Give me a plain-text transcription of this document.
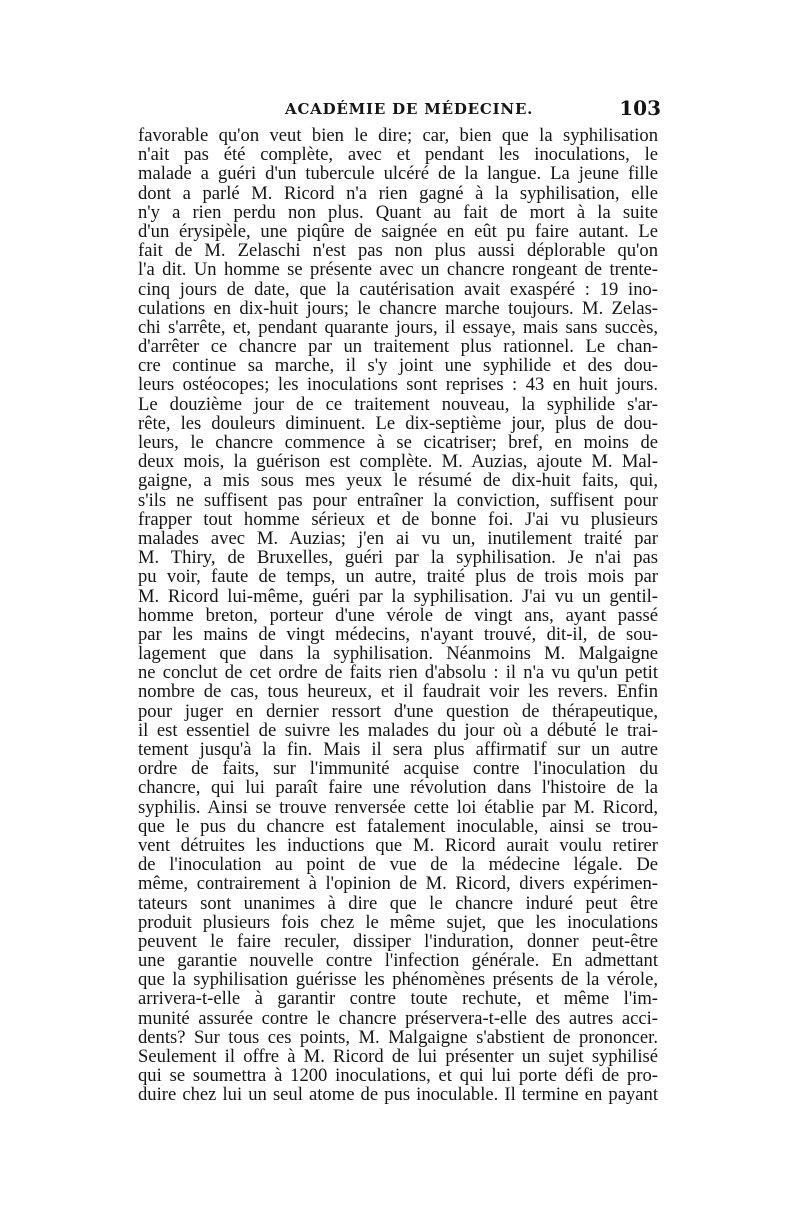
ACADÉMIE DE MÉDECINE.	103
favorable qu'on veut bien le dire; car, bien que la syphilisation
n'ait pas été complète, avec et pendant les inoculations, le
malade a guéri d'un tubercule ulcéré de la langue. La jeune fille
dont a parlé M. Ricord n'a rien gagné à la syphilisation, elle
n'y a rien perdu non plus. Quant au fait de mort à la suite
d'un érysipèle, une piqûre de saignée en eût pu faire autant. Le
fait de M. Zelaschi n'est pas non plus aussi déplorable qu'on
l'a dit. Un homme se présente avec un chancre rongeant de trente-
cinq jours de date, que la cautérisation avait exaspéré : 19 ino-
culations en dix-huit jours; le chancre marche toujours. M. Zelas-
chi s'arrête, et, pendant quarante jours, il essaye, mais sans succès,
d'arrêter ce chancre par un traitement plus rationnel. Le chan-
cre continue sa marche, il s'y joint une syphilide et des dou-
leurs ostéocopes; les inoculations sont reprises : 43 en huit jours.
Le douzième jour de ce traitement nouveau, la syphilide s'ar-
rête, les douleurs diminuent. Le dix-septième jour, plus de dou-
leurs, le chancre commence à se cicatriser; bref, en moins de
deux mois, la guérison est complète. M. Auzias, ajoute M. Mal-
gaigne, a mis sous mes yeux le résumé de dix-huit faits, qui,
s'ils ne suffisent pas pour entraîner la conviction, suffisent pour
frapper tout homme sérieux et de bonne foi. J'ai vu plusieurs
malades avec M. Auzias; j'en ai vu un, inutilement traité par
M. Thiry, de Bruxelles, guéri par la syphilisation. Je n'ai pas
pu voir, faute de temps, un autre, traité plus de trois mois par
M. Ricord lui-même, guéri par la syphilisation. J'ai vu un gentil-
homme breton, porteur d'une vérole de vingt ans, ayant passé
par les mains de vingt médecins, n'ayant trouvé, dit-il, de sou-
lagement que dans la syphilisation. Néanmoins M. Malgaigne
ne conclut de cet ordre de faits rien d'absolu : il n'a vu qu'un petit
nombre de cas, tous heureux, et il faudrait voir les revers. Enfin
pour juger en dernier ressort d'une question de thérapeutique,
il est essentiel de suivre les malades du jour où a débuté le trai-
tement jusqu'à la fin. Mais il sera plus affirmatif sur un autre
ordre de faits, sur l'immunité acquise contre l'inoculation du
chancre, qui lui paraît faire une révolution dans l'histoire de la
syphilis. Ainsi se trouve renversée cette loi établie par M. Ricord,
que le pus du chancre est fatalement inoculable, ainsi se trou-
vent détruites les inductions que M. Ricord aurait voulu retirer
de l'inoculation au point de vue de la médecine légale. De
même, contrairement à l'opinion de M. Ricord, divers expérimen-
tateurs sont unanimes à dire que le chancre induré peut être
produit plusieurs fois chez le même sujet, que les inoculations
peuvent le faire reculer, dissiper l'induration, donner peut-être
une garantie nouvelle contre l'infection générale. En admettant
que la syphilisation guérisse les phénomènes présents de la vérole,
arrivera-t-elle à garantir contre toute rechute, et même l'im-
munité assurée contre le chancre préservera-t-elle des autres acci-
dents? Sur tous ces points, M. Malgaigne s'abstient de prononcer.
Seulement il offre à M. Ricord de lui présenter un sujet syphilisé
qui se soumettra à 1200 inoculations, et qui lui porte défi de pro-
duire chez lui un seul atome de pus inoculable. Il termine en payant
